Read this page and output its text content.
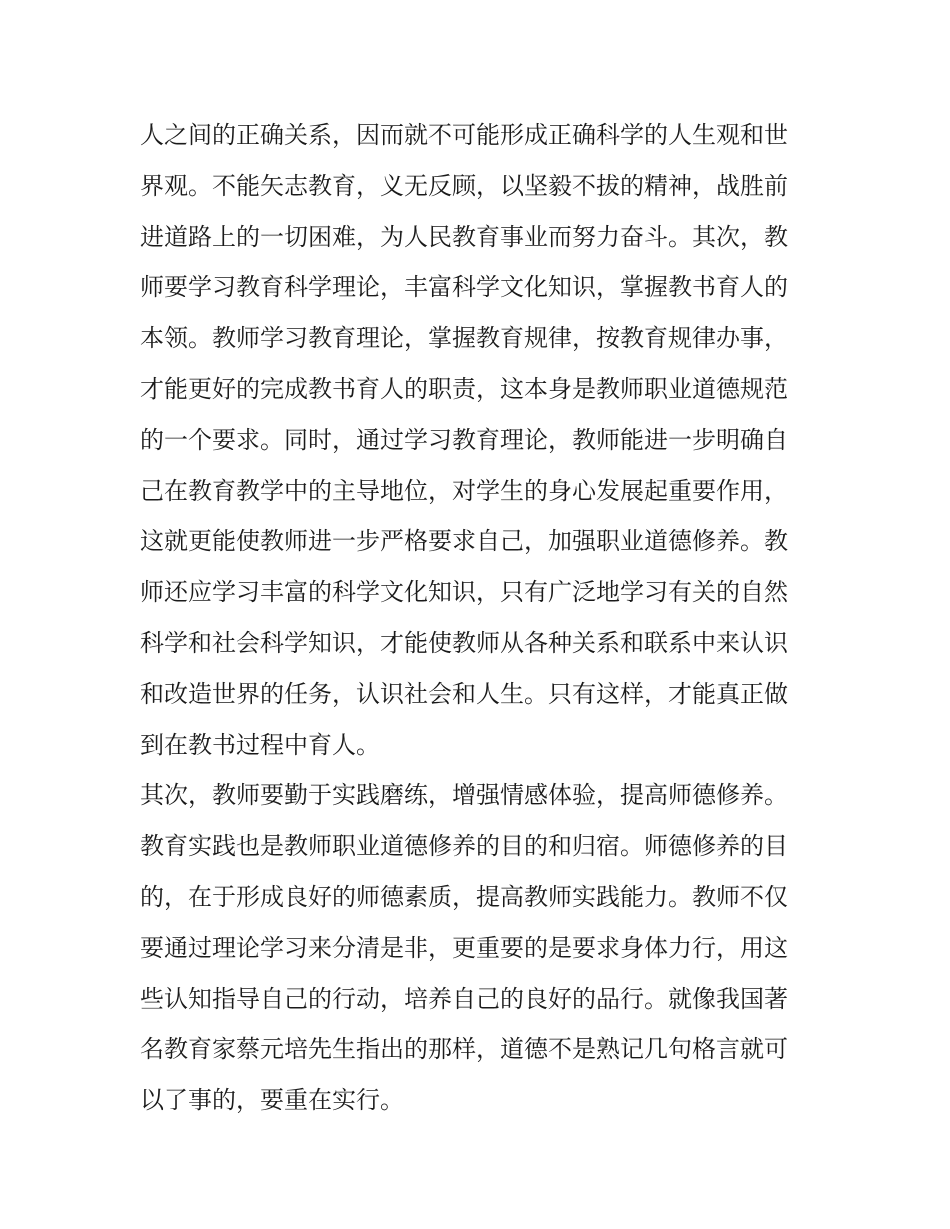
人之间的正确关系，因而就不可能形成正确科学的人生观和世
界观。不能矢志教育，义无反顾，以坚毅不拔的精神，战胜前
进道路上的一切困难，为人民教育事业而努力奋斗。其次，教
师要学习教育科学理论，丰富科学文化知识，掌握教书育人的
本领。教师学习教育理论，掌握教育规律，按教育规律办事，
才能更好的完成教书育人的职责，这本身是教师职业道德规范
的一个要求。同时，通过学习教育理论，教师能进一步明确自
己在教育教学中的主导地位，对学生的身心发展起重要作用，
这就更能使教师进一步严格要求自己，加强职业道德修养。教
师还应学习丰富的科学文化知识，只有广泛地学习有关的自然
科学和社会科学知识，才能使教师从各种关系和联系中来认识
和改造世界的任务，认识社会和人生。只有这样，才能真正做
到在教书过程中育人。
其次，教师要勤于实践磨练，增强情感体验，提高师德修养。
教育实践也是教师职业道德修养的目的和归宿。师德修养的目
的，在于形成良好的师德素质，提高教师实践能力。教师不仅
要通过理论学习来分清是非，更重要的是要求身体力行，用这
些认知指导自己的行动，培养自己的良好的品行。就像我国著
名教育家蔡元培先生指出的那样，道德不是熟记几句格言就可
以了事的，要重在实行。
